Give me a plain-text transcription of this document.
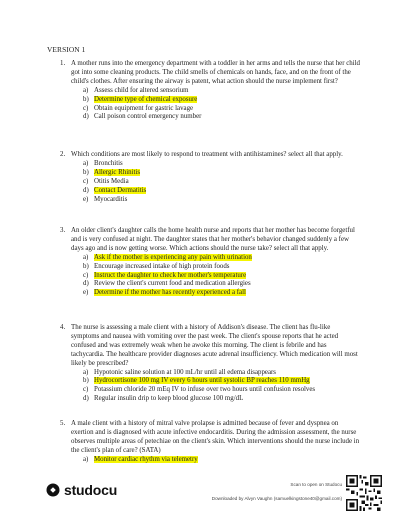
VERSION 1
1. A mother runs into the emergency department with a toddler in her arms and tells the nurse that her child got into some cleaning products. The child smells of chemicals on hands, face, and on the front of the child's clothes. After ensuring the airway is patent, what action should the nurse implement first?
a) Assess child for altered sensorium
b) Determine type of chemical exposure
c) Obtain equipment for gastric lavage
d) Call poison control emergency number
2. Which conditions are most likely to respond to treatment with antihistamines? select all that apply.
a) Bronchitis
b) Allergic Rhinitis
c) Otitis Media
d) Contact Dermatitis
e) Myocarditis
3. An older client's daughter calls the home health nurse and reports that her mother has become forgetful and is very confused at night. The daughter states that her mother's behavior changed suddenly a few days ago and is now getting worse. Which actions should the nurse take? select all that apply.
a) Ask if the mother is experiencing any pain with urination
b) Encourage increased intake of high protein foods
c) Instruct the daughter to check her mother's temperature
d) Review the client's current food and medication allergies
e) Determine if the mother has recently experienced a fall
4. The nurse is assessing a male client with a history of Addison's disease. The client has flu-like symptoms and nausea with vomiting over the past week. The client's spouse reports that he acted confused and was extremely weak when he awoke this morning. The client is febrile and has tachycardia. The healthcare provider diagnoses acute adrenal insufficiency. Which medication will most likely be prescribed?
a) Hypotonic saline solution at 100 mL/hr until all edema disappears
b) Hydrocortisone 100 mg IV every 6 hours until systolic BP reaches 110 mmHg
c) Potassium chloride 20 mEq IV to infuse over two hours until confusion resolves
d) Regular insulin drip to keep blood glucose 100 mg/dL
5. A male client with a history of mitral valve prolapse is admitted because of fever and dyspnea on exertion and is diagnosed with acute infective endocarditis. During the admission assessment, the nurse observes multiple areas of petechiae on the client's skin. Which interventions should the nurse include in the client's plan of care? (SATA)
a) Monitor cardiac rhythm via telemetry
studocu	Scan to open on Studocu
Downloaded by Alvyn Vaughn (samuelkingstone40@gmail.com)
